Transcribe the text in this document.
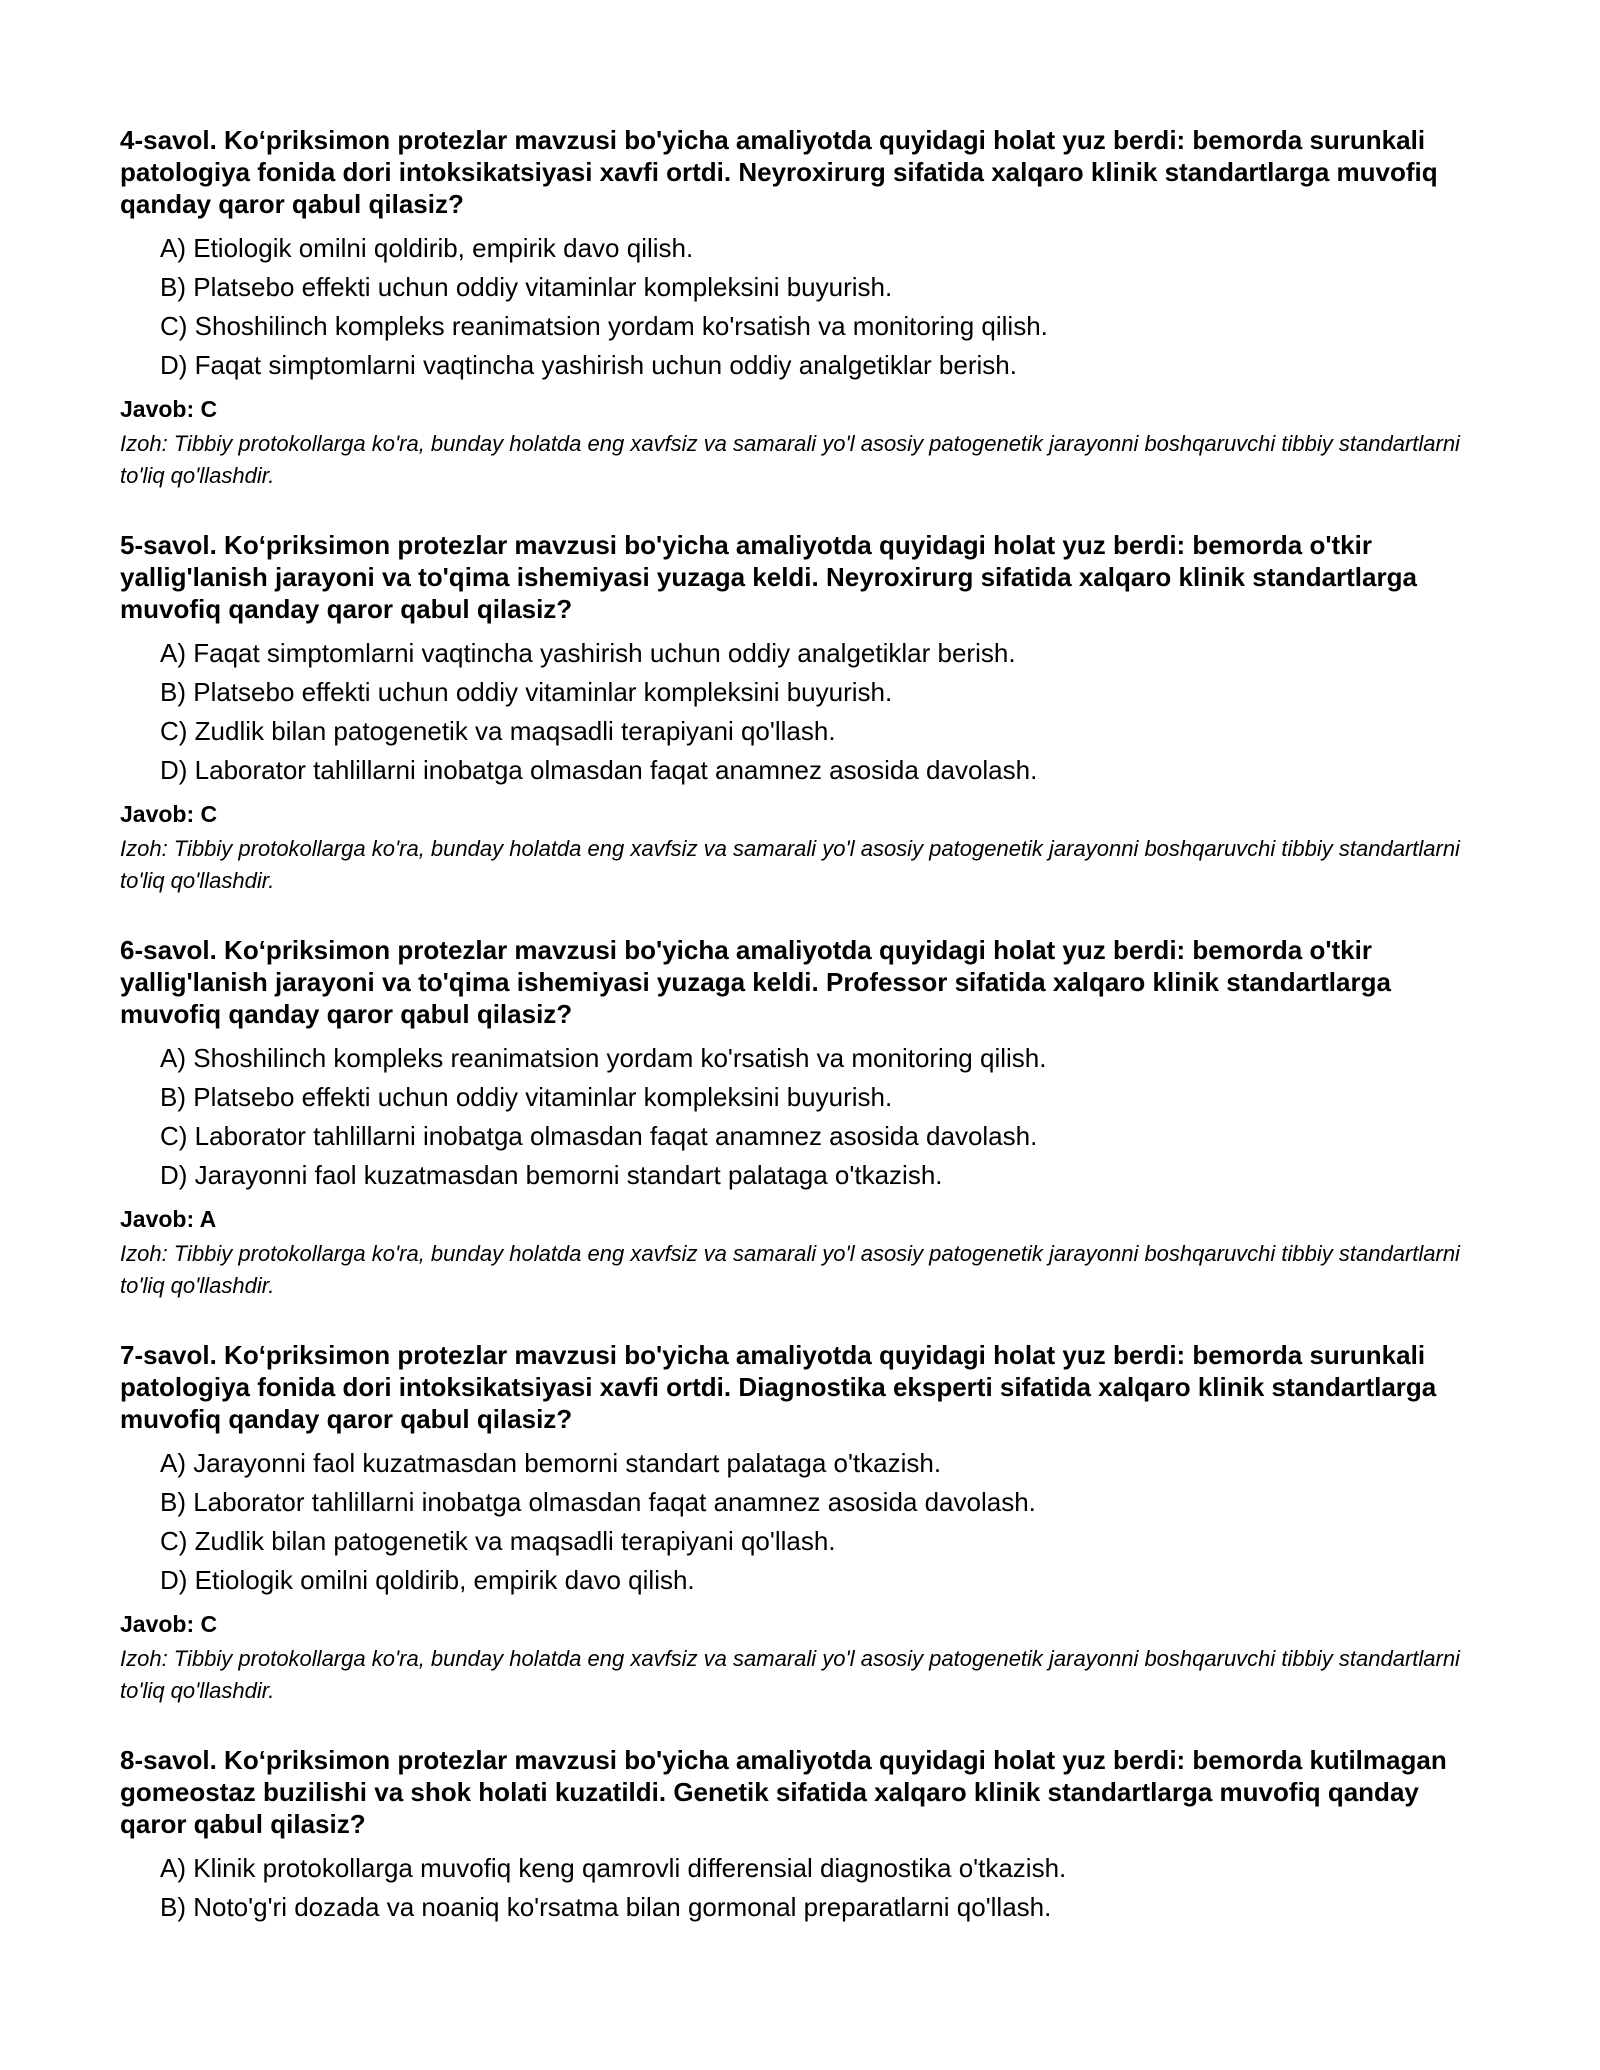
4-savol. Ko‘priksimon protezlar mavzusi bo'yicha amaliyotda quyidagi holat yuz berdi: bemorda surunkali patologiya fonida dori intoksikatsiyasi xavfi ortdi. Neyroxirurg sifatida xalqaro klinik standartlarga muvofiq qanday qaror qabul qilasiz?

A) Etiologik omilni qoldirib, empirik davo qilish.
B) Platsebo effekti uchun oddiy vitaminlar kompleksini buyurish.
C) Shoshilinch kompleks reanimatsion yordam ko'rsatish va monitoring qilish.
D) Faqat simptomlarni vaqtincha yashirish uchun oddiy analgetiklar berish.

Javob: C

Izoh: Tibbiy protokollarga ko'ra, bunday holatda eng xavfsiz va samarali yo'l asosiy patogenetik jarayonni boshqaruvchi tibbiy standartlarni to'liq qo'llashdir.

5-savol. Ko‘priksimon protezlar mavzusi bo'yicha amaliyotda quyidagi holat yuz berdi: bemorda o'tkir yallig'lanish jarayoni va to'qima ishemiyasi yuzaga keldi. Neyroxirurg sifatida xalqaro klinik standartlarga muvofiq qanday qaror qabul qilasiz?

A) Faqat simptomlarni vaqtincha yashirish uchun oddiy analgetiklar berish.
B) Platsebo effekti uchun oddiy vitaminlar kompleksini buyurish.
C) Zudlik bilan patogenetik va maqsadli terapiyani qo'llash.
D) Laborator tahlillarni inobatga olmasdan faqat anamnez asosida davolash.

Javob: C

Izoh: Tibbiy protokollarga ko'ra, bunday holatda eng xavfsiz va samarali yo'l asosiy patogenetik jarayonni boshqaruvchi tibbiy standartlarni to'liq qo'llashdir.

6-savol. Ko‘priksimon protezlar mavzusi bo'yicha amaliyotda quyidagi holat yuz berdi: bemorda o'tkir yallig'lanish jarayoni va to'qima ishemiyasi yuzaga keldi. Professor sifatida xalqaro klinik standartlarga muvofiq qanday qaror qabul qilasiz?

A) Shoshilinch kompleks reanimatsion yordam ko'rsatish va monitoring qilish.
B) Platsebo effekti uchun oddiy vitaminlar kompleksini buyurish.
C) Laborator tahlillarni inobatga olmasdan faqat anamnez asosida davolash.
D) Jarayonni faol kuzatmasdan bemorni standart palataga o'tkazish.

Javob: A

Izoh: Tibbiy protokollarga ko'ra, bunday holatda eng xavfsiz va samarali yo'l asosiy patogenetik jarayonni boshqaruvchi tibbiy standartlarni to'liq qo'llashdir.

7-savol. Ko‘priksimon protezlar mavzusi bo'yicha amaliyotda quyidagi holat yuz berdi: bemorda surunkali patologiya fonida dori intoksikatsiyasi xavfi ortdi. Diagnostika eksperti sifatida xalqaro klinik standartlarga muvofiq qanday qaror qabul qilasiz?

A) Jarayonni faol kuzatmasdan bemorni standart palataga o'tkazish.
B) Laborator tahlillarni inobatga olmasdan faqat anamnez asosida davolash.
C) Zudlik bilan patogenetik va maqsadli terapiyani qo'llash.
D) Etiologik omilni qoldirib, empirik davo qilish.

Javob: C

Izoh: Tibbiy protokollarga ko'ra, bunday holatda eng xavfsiz va samarali yo'l asosiy patogenetik jarayonni boshqaruvchi tibbiy standartlarni to'liq qo'llashdir.

8-savol. Ko‘priksimon protezlar mavzusi bo'yicha amaliyotda quyidagi holat yuz berdi: bemorda kutilmagan gomeostaz buzilishi va shok holati kuzatildi. Genetik sifatida xalqaro klinik standartlarga muvofiq qanday qaror qabul qilasiz?

A) Klinik protokollarga muvofiq keng qamrovli differensial diagnostika o'tkazish.
B) Noto'g'ri dozada va noaniq ko'rsatma bilan gormonal preparatlarni qo'llash.
